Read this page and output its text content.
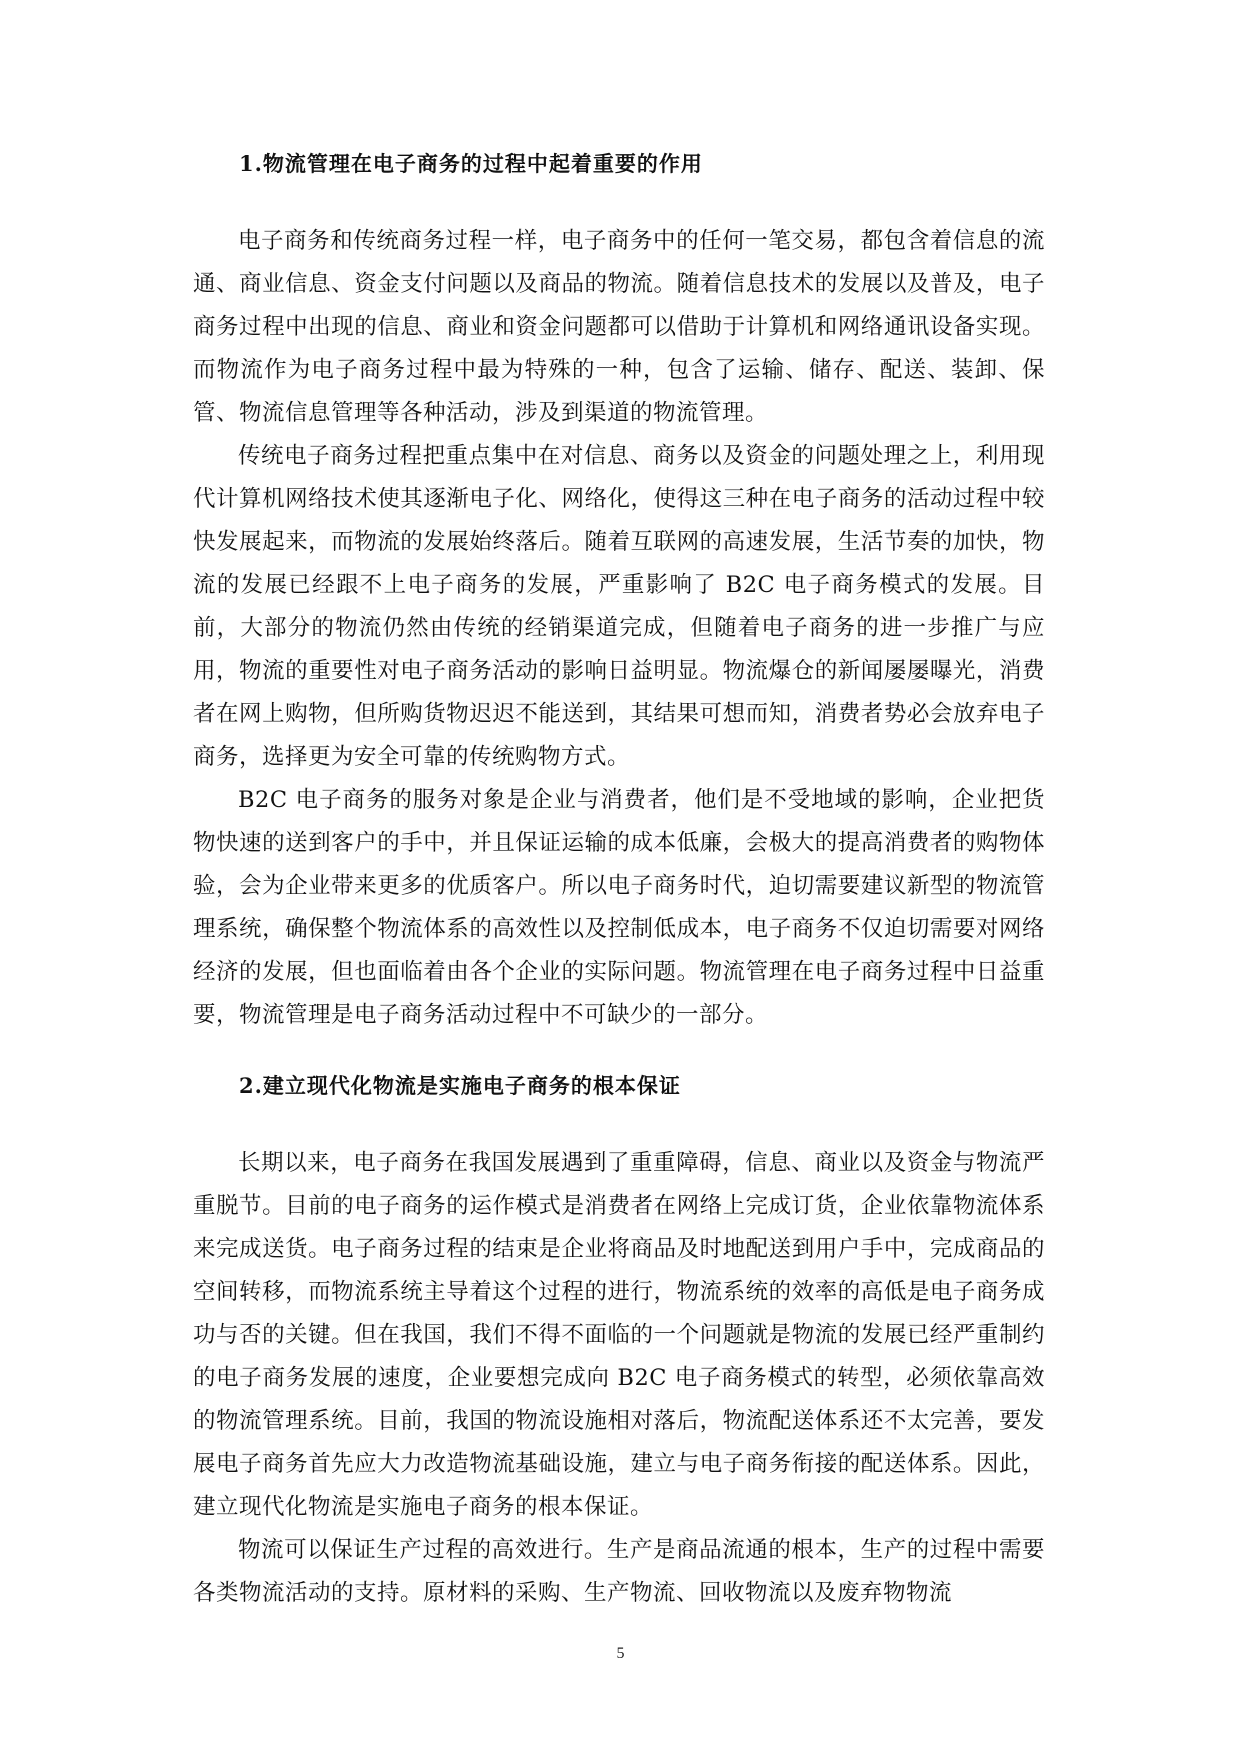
1.物流管理在电子商务的过程中起着重要的作用

电子商务和传统商务过程一样，电子商务中的任何一笔交易，都包含着信息的流通、商业信息、资金支付问题以及商品的物流。随着信息技术的发展以及普及，电子商务过程中出现的信息、商业和资金问题都可以借助于计算机和网络通讯设备实现。而物流作为电子商务过程中最为特殊的一种，包含了运输、储存、配送、装卸、保管、物流信息管理等各种活动，涉及到渠道的物流管理。

传统电子商务过程把重点集中在对信息、商务以及资金的问题处理之上，利用现代计算机网络技术使其逐渐电子化、网络化，使得这三种在电子商务的活动过程中较快发展起来，而物流的发展始终落后。随着互联网的高速发展，生活节奏的加快，物流的发展已经跟不上电子商务的发展，严重影响了 B2C 电子商务模式的发展。目前，大部分的物流仍然由传统的经销渠道完成，但随着电子商务的进一步推广与应用，物流的重要性对电子商务活动的影响日益明显。物流爆仓的新闻屡屡曝光，消费者在网上购物，但所购货物迟迟不能送到，其结果可想而知，消费者势必会放弃电子商务，选择更为安全可靠的传统购物方式。

B2C 电子商务的服务对象是企业与消费者，他们是不受地域的影响，企业把货物快速的送到客户的手中，并且保证运输的成本低廉，会极大的提高消费者的购物体验，会为企业带来更多的优质客户。所以电子商务时代，迫切需要建议新型的物流管理系统，确保整个物流体系的高效性以及控制低成本，电子商务不仅迫切需要对网络经济的发展，但也面临着由各个企业的实际问题。物流管理在电子商务过程中日益重要，物流管理是电子商务活动过程中不可缺少的一部分。

2.建立现代化物流是实施电子商务的根本保证

长期以来，电子商务在我国发展遇到了重重障碍，信息、商业以及资金与物流严重脱节。目前的电子商务的运作模式是消费者在网络上完成订货，企业依靠物流体系来完成送货。电子商务过程的结束是企业将商品及时地配送到用户手中，完成商品的空间转移，而物流系统主导着这个过程的进行，物流系统的效率的高低是电子商务成功与否的关键。但在我国，我们不得不面临的一个问题就是物流的发展已经严重制约的电子商务发展的速度，企业要想完成向 B2C 电子商务模式的转型，必须依靠高效的物流管理系统。目前，我国的物流设施相对落后，物流配送体系还不太完善，要发展电子商务首先应大力改造物流基础设施，建立与电子商务衔接的配送体系。因此，建立现代化物流是实施电子商务的根本保证。

物流可以保证生产过程的高效进行。生产是商品流通的根本，生产的过程中需要各类物流活动的支持。原材料的采购、生产物流、回收物流以及废弃物物流

5
